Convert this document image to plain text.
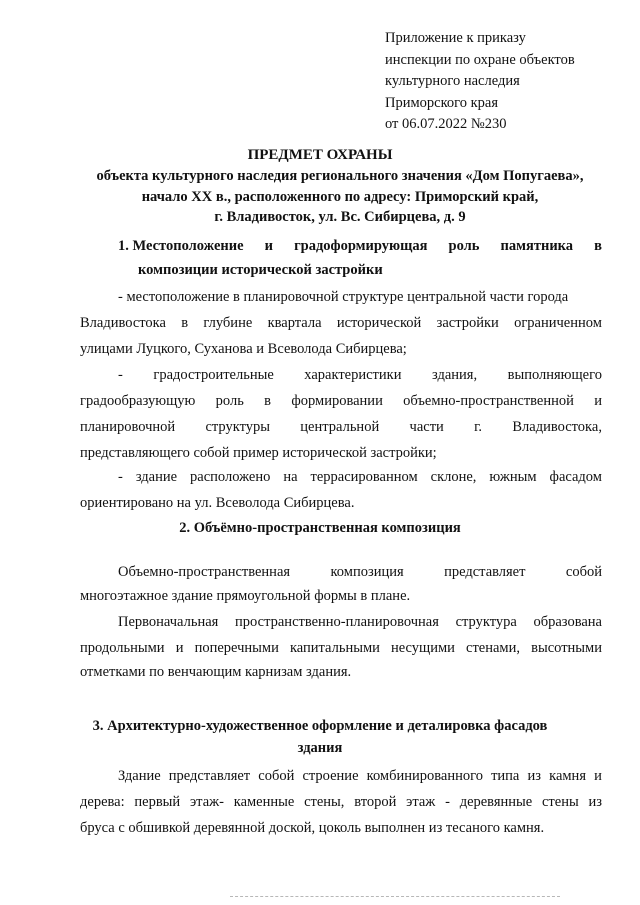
Приложение к приказу
инспекции по охране объектов
культурного наследия
Приморского края
от 06.07.2022 №230
ПРЕДМЕТ ОХРАНЫ
объекта культурного наследия регионального значения «Дом Попугаева»,
начало XX в., расположенного по адресу: Приморский край,
г. Владивосток, ул. Вс. Сибирцева, д. 9
1. Местоположение и градоформирующая роль памятника в
композиции исторической застройки
- местоположение в планировочной структуре центральной части города
Владивостока в глубине квартала исторической застройки ограниченном
улицами Луцкого, Суханова и Всеволода Сибирцева;
- градостроительные характеристики здания, выполняющего
градообразующую роль в формировании объемно-пространственной и
планировочной структуры центральной части г. Владивостока,
представляющего собой пример исторической застройки;
- здание расположено на террасированном склоне, южным фасадом
ориентировано на ул. Всеволода Сибирцева.
2. Объёмно-пространственная композиция
Объемно-пространственная	композиция	представляет	собой
многоэтажное здание прямоугольной формы в плане.
Первоначальная пространственно-планировочная структура образована
продольными и поперечными капитальными несущими стенами, высотными
отметками по венчающим карнизам здания.
3. Архитектурно-художественное оформление и деталировка фасадов
здания
Здание представляет собой строение комбинированного типа из камня и
дерева: первый этаж- каменные стены, второй этаж - деревянные стены из
бруса с обшивкой деревянной доской, цоколь выполнен из тесаного камня.
